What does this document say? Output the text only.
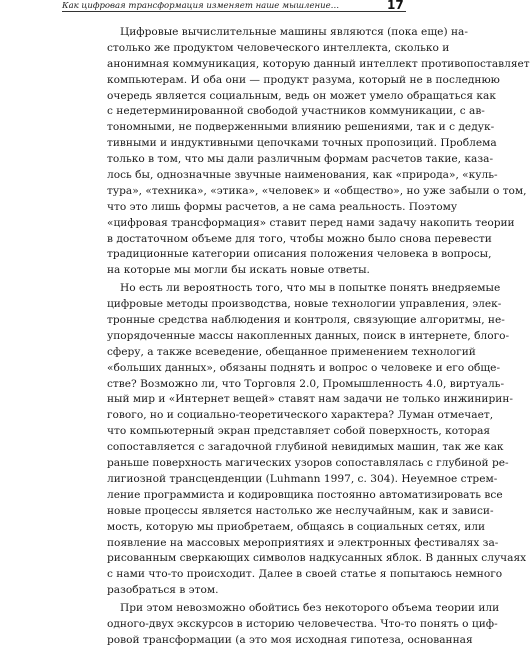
Как цифровая трансформация изменяет наше мышление…	17
Цифровые вычислительные машины являются (пока еще) на-
столько же продуктом человеческого интеллекта, сколько и
анонимная коммуникация, которую данный интеллект противопоставляет
компьютерам. И оба они — продукт разума, который не в последнюю
очередь является социальным, ведь он может умело обращаться как
с недетерминированной свободой участников коммуникации, с ав-
тономными, не подверженными влиянию решениями, так и с дедук-
тивными и индуктивными цепочками точных пропозиций. Проблема
только в том, что мы дали различным формам расчетов такие, каза-
лось бы, однозначные звучные наименования, как «природа», «куль-
тура», «техника», «этика», «человек» и «общество», но уже забыли о том,
что это лишь формы расчетов, а не сама реальность. Поэтому
«цифровая трансформация» ставит перед нами задачу накопить теории
в достаточном объеме для того, чтобы можно было снова перевести
традиционные категории описания положения человека в вопросы,
на которые мы могли бы искать новые ответы.
Но есть ли вероятность того, что мы в попытке понять внедряемые
цифровые методы производства, новые технологии управления, элек-
тронные средства наблюдения и контроля, связующие алгоритмы, не-
упорядоченные массы накопленных данных, поиск в интернете, блого-
сферу, а также всеведение, обещанное применением технологий
«больших данных», обязаны поднять и вопрос о человеке и его обще-
стве? Возможно ли, что Торговля 2.0, Промышленность 4.0, виртуаль-
ный мир и «Интернет вещей» ставят нам задачи не только инжинирин-
гового, но и социально-теоретического характера? Луман отмечает,
что компьютерный экран представляет собой поверхность, которая
сопоставляется с загадочной глубиной невидимых машин, так же как
раньше поверхность магических узоров сопоставлялась с глубиной ре-
лигиозной трансценденции (Luhmann 1997, с. 304). Неуемное стрем-
ление программиста и кодировщика постоянно автоматизировать все
новые процессы является настолько же неслучайным, как и зависи-
мость, которую мы приобретаем, общаясь в социальных сетях, или
появление на массовых мероприятиях и электронных фестивалях за-
рисованным сверкающих символов надкусанных яблок. В данных случаях
с нами что-то происходит. Далее в своей статье я попытаюсь немного
разобраться в этом.
При этом невозможно обойтись без некоторого объема теории или
одного-двух экскурсов в историю человечества. Что-то понять о циф-
ровой трансформации (а это моя исходная гипотеза, основанная
